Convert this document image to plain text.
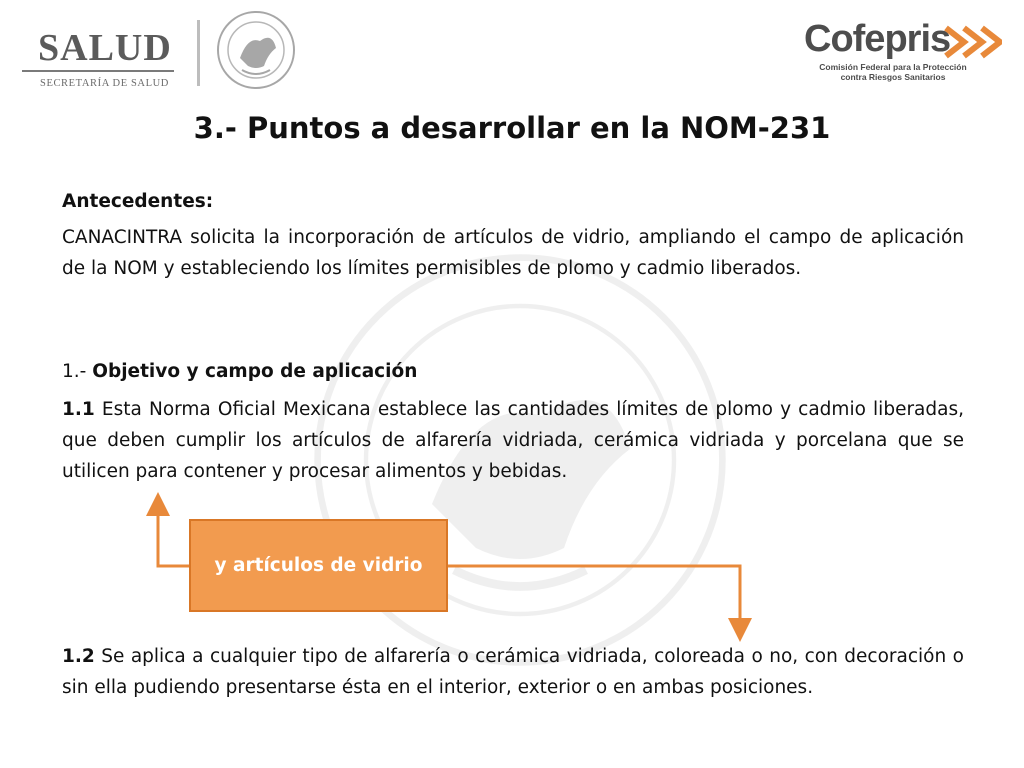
SALUD
SECRETARÍA DE SALUD
Cofepris
Comisión Federal para la Protección
contra Riesgos Sanitarios
3.- Puntos a desarrollar en la NOM-231
Antecedentes:
CANACINTRA solicita la incorporación de artículos de vidrio, ampliando el campo de aplicación de la NOM y estableciendo los límites permisibles de plomo y cadmio liberados.
1.- Objetivo y campo de aplicación
1.1 Esta Norma Oficial Mexicana establece las cantidades límites de plomo y cadmio liberadas, que deben cumplir los artículos de alfarería vidriada, cerámica vidriada y porcelana que se utilicen para contener y procesar alimentos y bebidas.
y artículos de vidrio
1.2 Se aplica a cualquier tipo de alfarería o cerámica vidriada, coloreada o no, con decoración o sin ella pudiendo presentarse ésta en el interior, exterior o en ambas posiciones.
